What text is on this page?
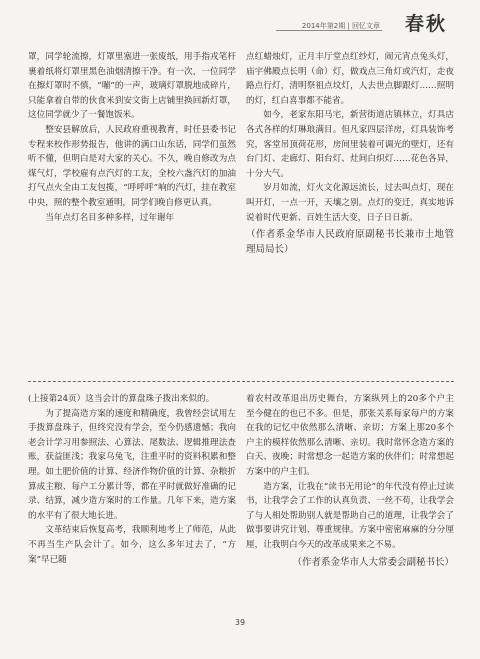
2014年第2期 | 回忆文章 春秋

罩，同学轮流擦，灯罩里塞进一张废纸，用手指戎笔杆裹着纸将灯罩里黑色油烟清擦干净。有一次，一位同学在擦灯罩时不慎，“嘣”的一声，玻璃灯罩脱地成碎片，只能拿着自带的伙食米到安文街上店铺里换回新灯罩，这位同学就少了一餐饱饭米。

整安县解放后，人民政府重视教育，时任县委书记专程来校作形势报告，他讲的满口山东话，同学们虽然听不懂，但明白是对大家的关心。不久，晚自修改为点煤气灯，学校雇有点汽灯的工友，全校六盏汽灯的加油打气点火全由工友包揽，“呼呼呼”响的汽灯，挂在教室中央，照的整个教室通明，同学们晚自修更认真。

当年点灯名目多种多样，过年谢年

点红蜡烛灯，正月丰厅堂点红纱灯，闹元宵点兔头灯，庙宇佛殿点长明（命）灯，做戏点三角灯或汽灯，走夜路点行灯，清明祭祖点坟灯，人去世点脚跟灯……照明的灯，红白喜事都不能省。

如今，老家东阳马宅，新营街道店镇林立，灯具店各式各样的灯琳琅满目。但凡家四层洋房，灯具装饰考究，客堂吊顶荷花形，房间里装着可调光的壁灯，还有台门灯、走廊灯、阳台灯、灶间白炽灯……花色各异，十分大气。

岁月如流，灯火文化源远流长，过去叫点灯，现在叫开灯，一点一开，天壤之别。点灯的变迁，真实地诉说着时代更新、百姓生活大变，日子日日新。

（作者系金华市人民政府原副秘书长兼市土地管理局局长）

(上接第24页）这当会计的算盘珠子拨出来似的。

为了提高造方案的速度和精确度，我曾经尝试用左手拨算盘珠子，但终究没有学会，至今仍感遗憾；我向老会计学习用参照法、心算法、尾数法、逻辑推理法查账，获益匪浅；我家乌兔飞，注重平时的资料积累和整理。如土肥价值的计算、经济作物价值的计算、杂粮折算成主粮、每户工分累计等，都在平时就做好准确的记录、结算，减少造方案时的工作量。几年下来，造方案的水平有了很大地长进。

文革结束后恢复高考，我顺利地考上了师范，从此不再当生产队会计了。如今，这么多年过去了，“方案”早已随

着农村改革退出历史舞台，方案纵列上的20多个户主至今健在的也已不多。但是，那张关系每家每户的方案在我的记忆中依然那么清晰、亲切；方案上那20多个户主的模样依然那么清晰、亲切。我时常怀念造方案的白天、夜晚；时常想念一起造方案的伙伴们；时常想起方案中的户主们。

造方案，让我在“读书无用论”的年代没有停止过读书，让我学会了工作的认真负责、一丝不苟，让我学会了与人相处帮助别人就是帮助自己的道理，让我学会了做事要讲究计划、尊重规律。方案中密密麻麻的分分厘厘，让我明白今天的改革成果来之不易。

（作者系金华市人大常委会副秘书长）

39
